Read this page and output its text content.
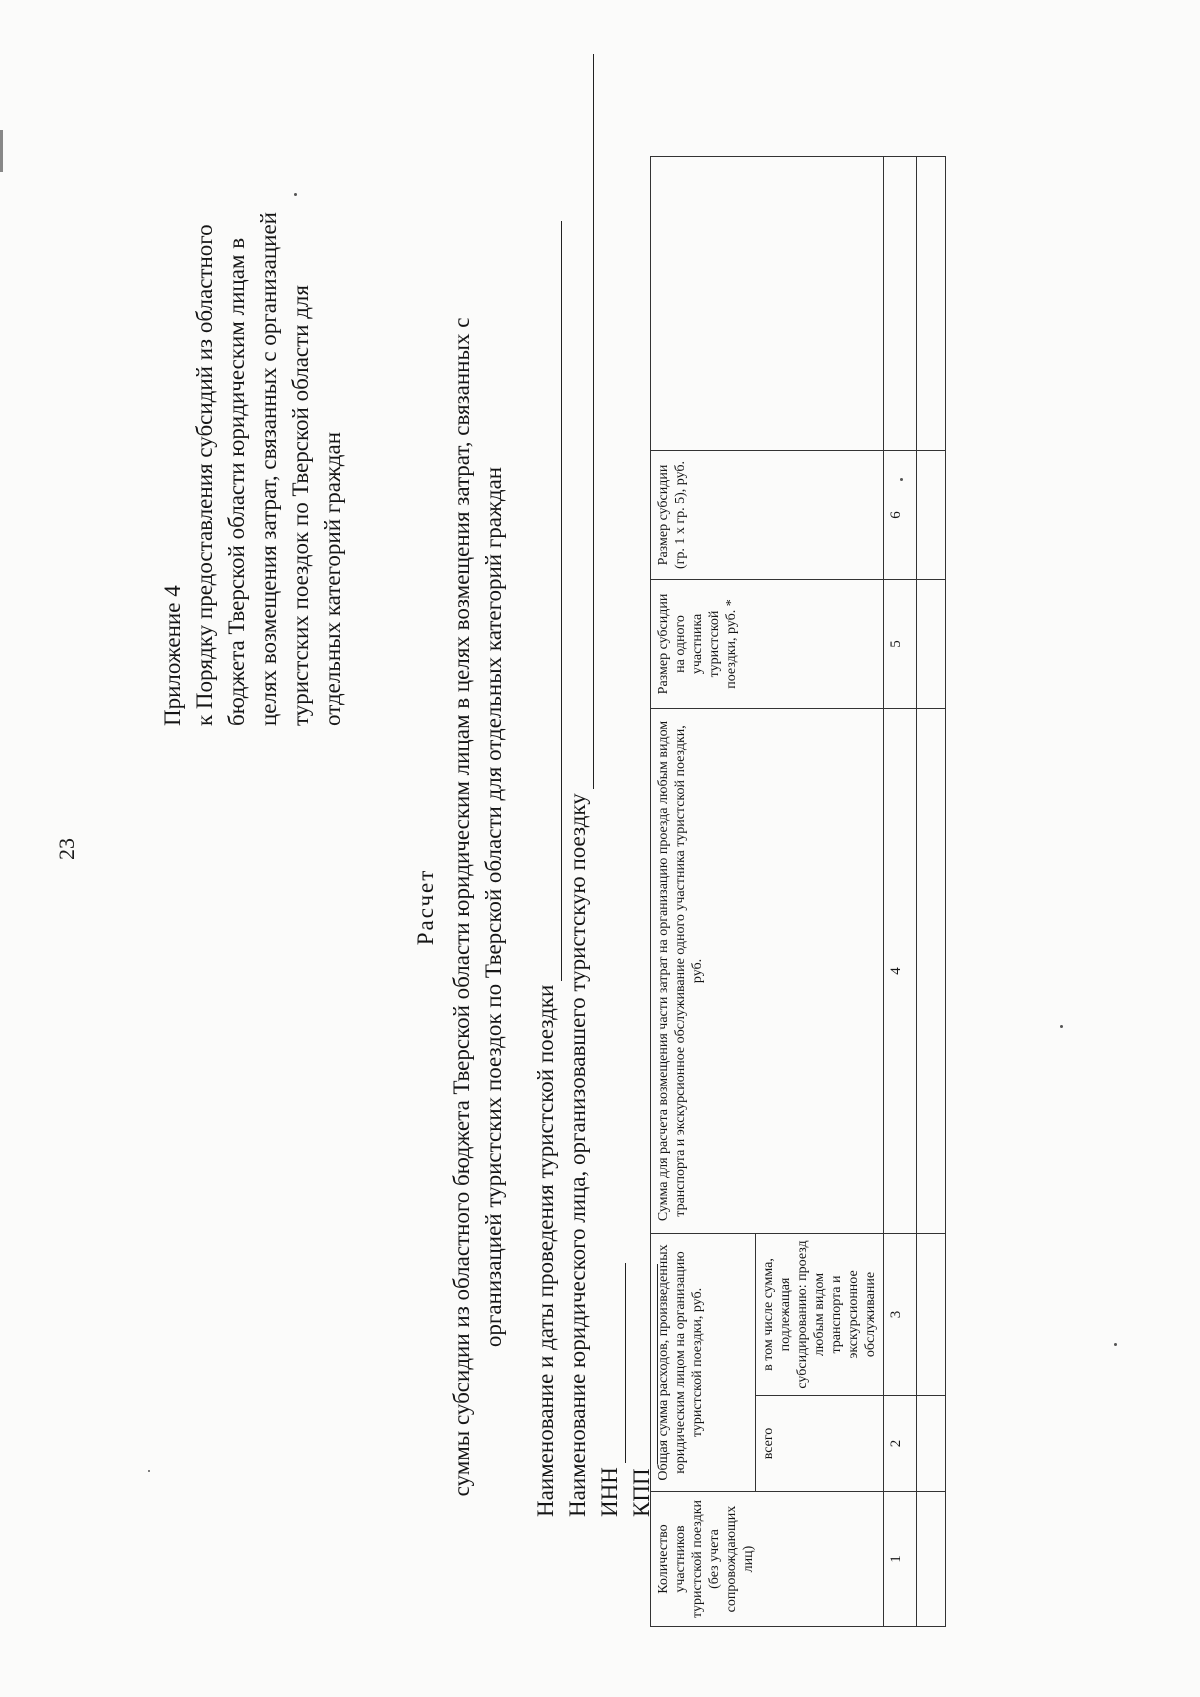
23
Приложение 4 к Порядку предоставления субсидий из областного бюджета Тверской области юридическим лицам в целях возмещения затрат, связанных с организацией туристских поездок по Тверской области для отдельных категорий граждан
Расчет суммы субсидии из областного бюджета Тверской области юридическим лицам в целях возмещения затрат, связанных с организацией туристских поездок по Тверской области для отдельных категорий граждан Наименование и даты проведения туристской поездки Наименование юридического лица, организовавшего туристскую поездку ИНН КПП
Количество участников туристской поездки (без учета сопровождающих лиц)	Общая сумма расходов, произведенных юридическим лицом на организацию туристской поездки, руб.		Сумма для расчета возмещения части затрат на организацию проезда любым видом транспорта и экскурсионное обслуживание одного участника туристской поездки, руб.	Размер субсидии на одного участника туристской поездки, руб. *	Размер субсидии (гр. 1 х гр. 5), руб.	
	всего	в том числе сумма, подлежащая субсидированию: проезд любым видом транспорта и экскурсионное обслуживание				
1	2	3	4	5	6	
